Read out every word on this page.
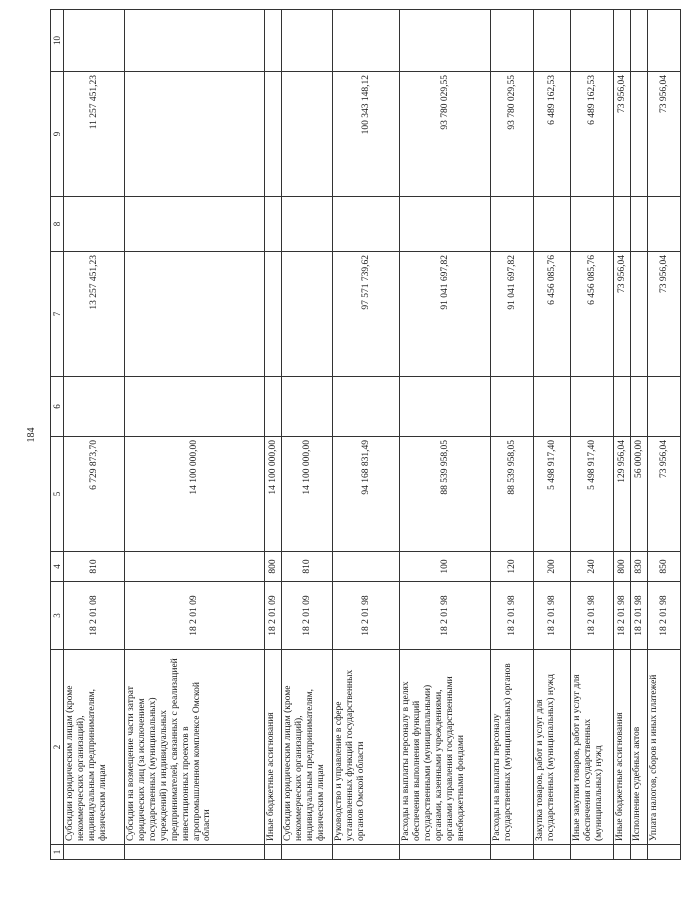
184
1	2	3	4	5	6	7	8	9	10
	Субсидии юридическим лицам (кроме некоммерческих организаций), индивидуальным предпринимателям, физическим лицам	18 2 01 08	810	6 729 873,70		13 257 451,23		11 257 451,23	
	Субсидии на возмещение части затрат юридических лиц (за исключением государственных (муниципальных) учреждений) и индивидуальных предпринимателей, связанных с реализацией инвестиционных проектов в агропромышленном комплексе Омской области	18 2 01 09		14 100 000,00					
	Иные бюджетные ассигнования	18 2 01 09	800	14 100 000,00					
	Субсидии юридическим лицам (кроме некоммерческих организаций), индивидуальным предпринимателям, физическим лицам	18 2 01 09	810	14 100 000,00					
	Руководство и управление в сфере установленных функций государственных органов Омской области	18 2 01 98		94 168 831,49		97 571 739,62		100 343 148,12	
	Расходы на выплаты персоналу в целях обеспечения выполнения функций государственными (муниципальными) органами, казенными учреждениями, органами управления государственными внебюджетными фондами	18 2 01 98	100	88 539 958,05		91 041 697,82		93 780 029,55	
	Расходы на выплаты персоналу государственных (муниципальных) органов	18 2 01 98	120	88 539 958,05		91 041 697,82		93 780 029,55	
	Закупка товаров, работ и услуг для государственных (муниципальных) нужд	18 2 01 98	200	5 498 917,40		6 456 085,76		6 489 162,53	
	Иные закупки товаров, работ и услуг для обеспечения государственных (муниципальных) нужд	18 2 01 98	240	5 498 917,40		6 456 085,76		6 489 162,53	
	Иные бюджетные ассигнования	18 2 01 98	800	129 956,04		73 956,04		73 956,04	
	Исполнение судебных актов	18 2 01 98	830	56 000,00					
	Уплата налогов, сборов и иных платежей	18 2 01 98	850	73 956,04		73 956,04		73 956,04	
